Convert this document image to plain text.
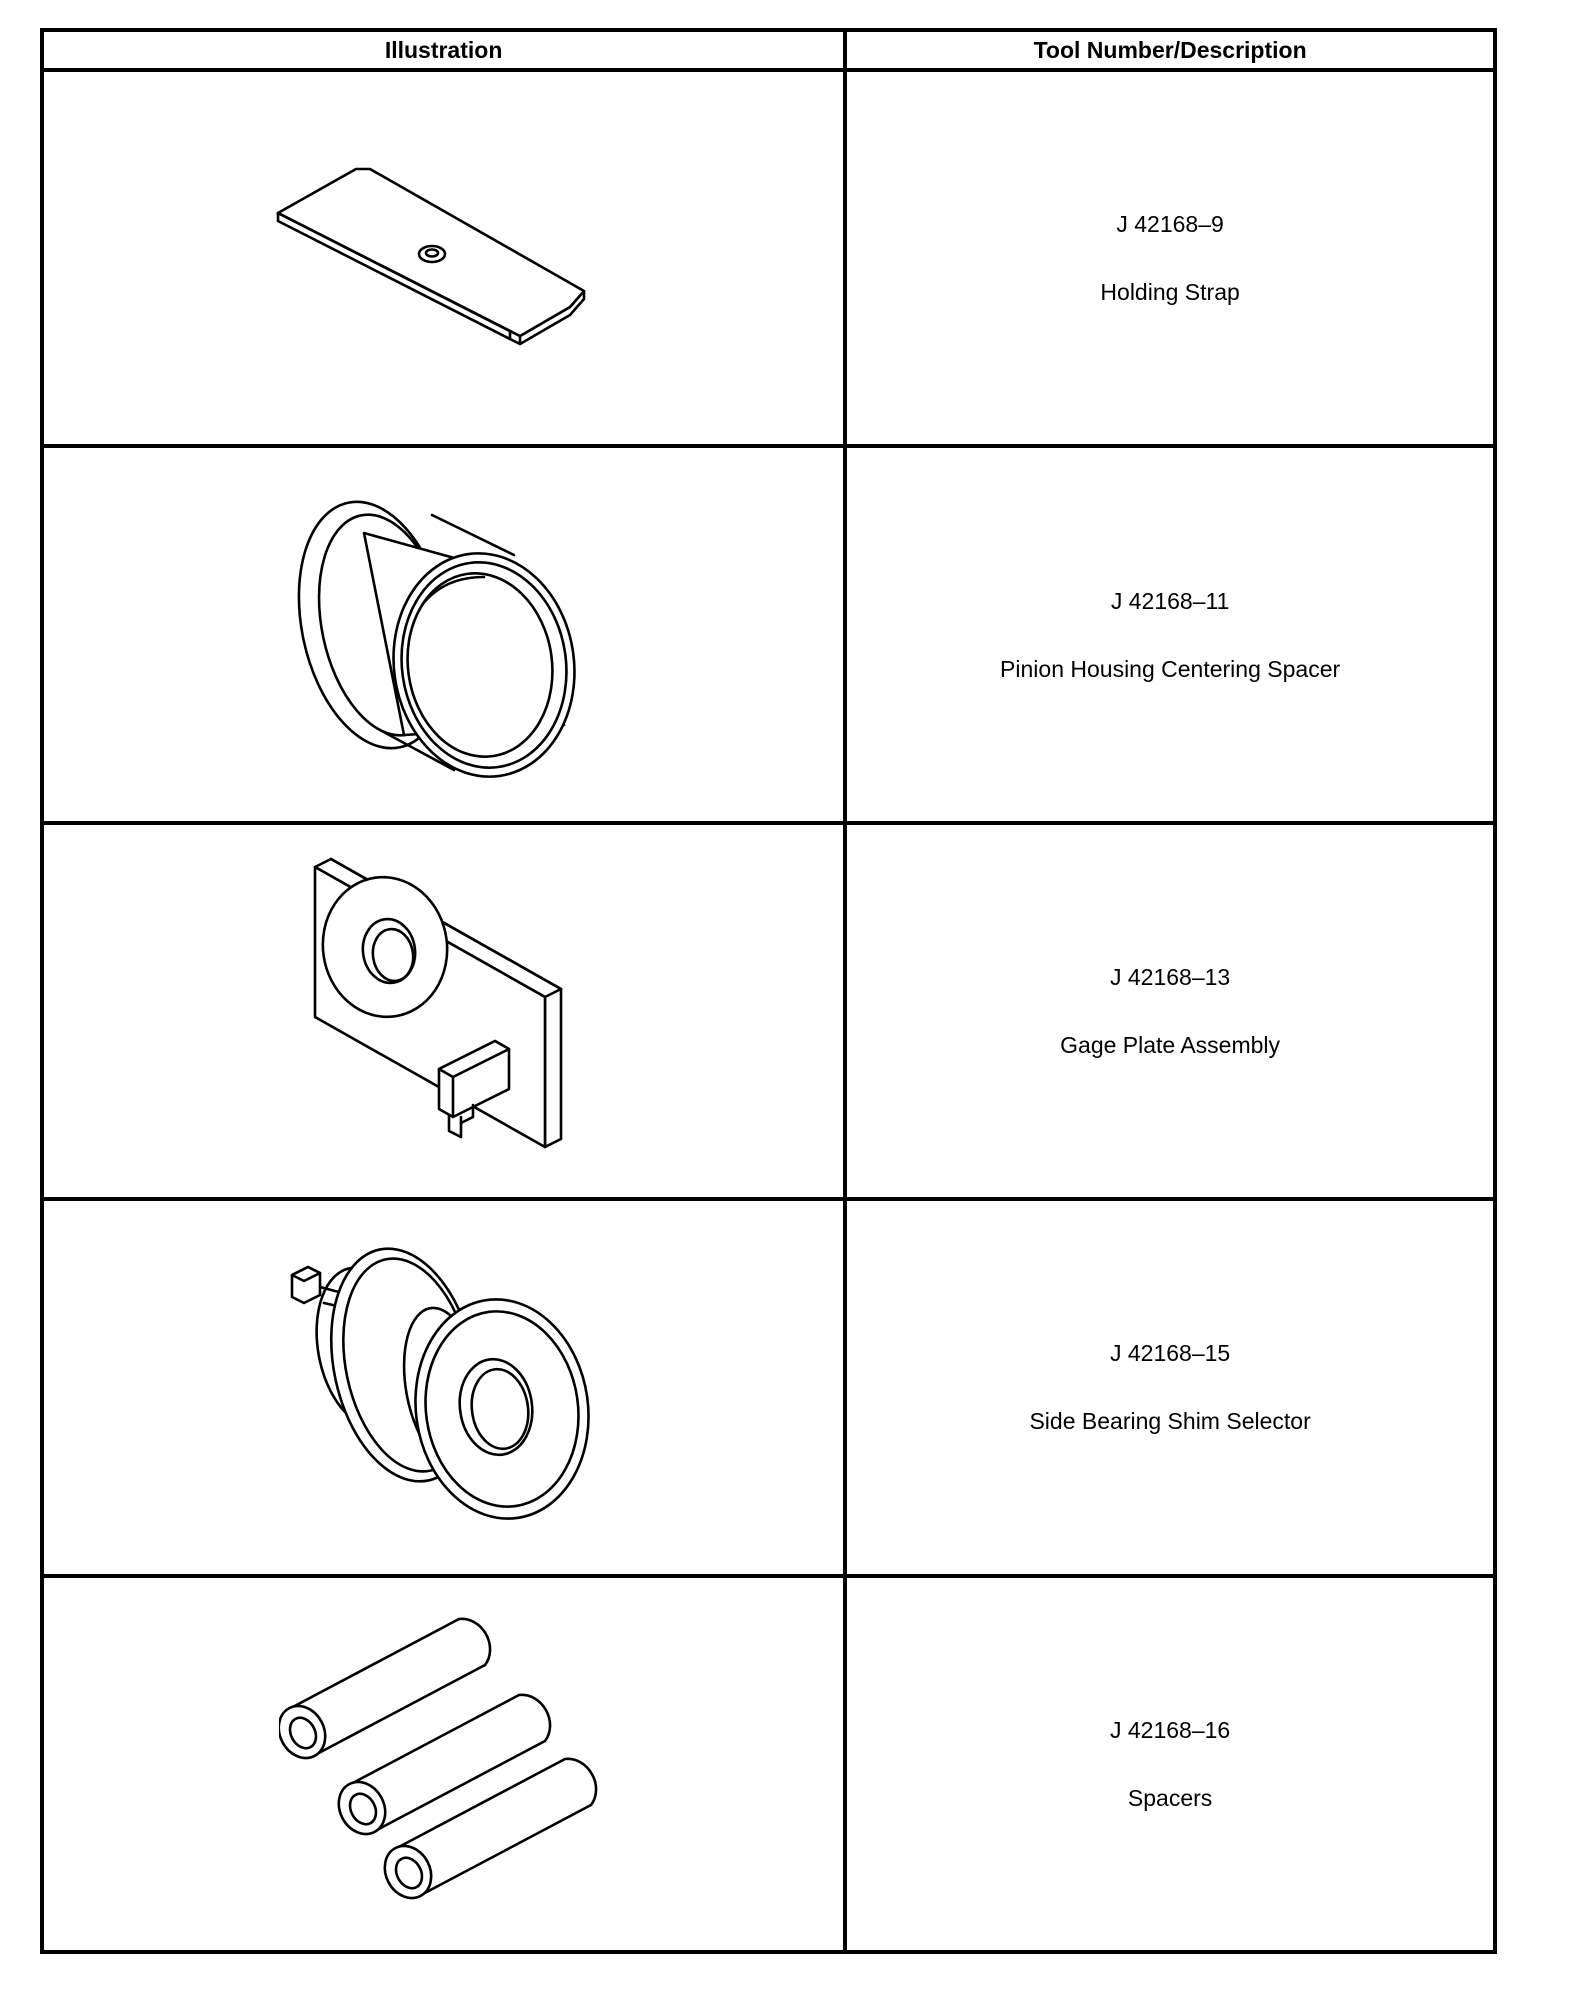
Illustration	Tool Number/Description

J 42168–9
Holding Strap

J 42168–11
Pinion Housing Centering Spacer

J 42168–13
Gage Plate Assembly

J 42168–15
Side Bearing Shim Selector

J 42168–16
Spacers
